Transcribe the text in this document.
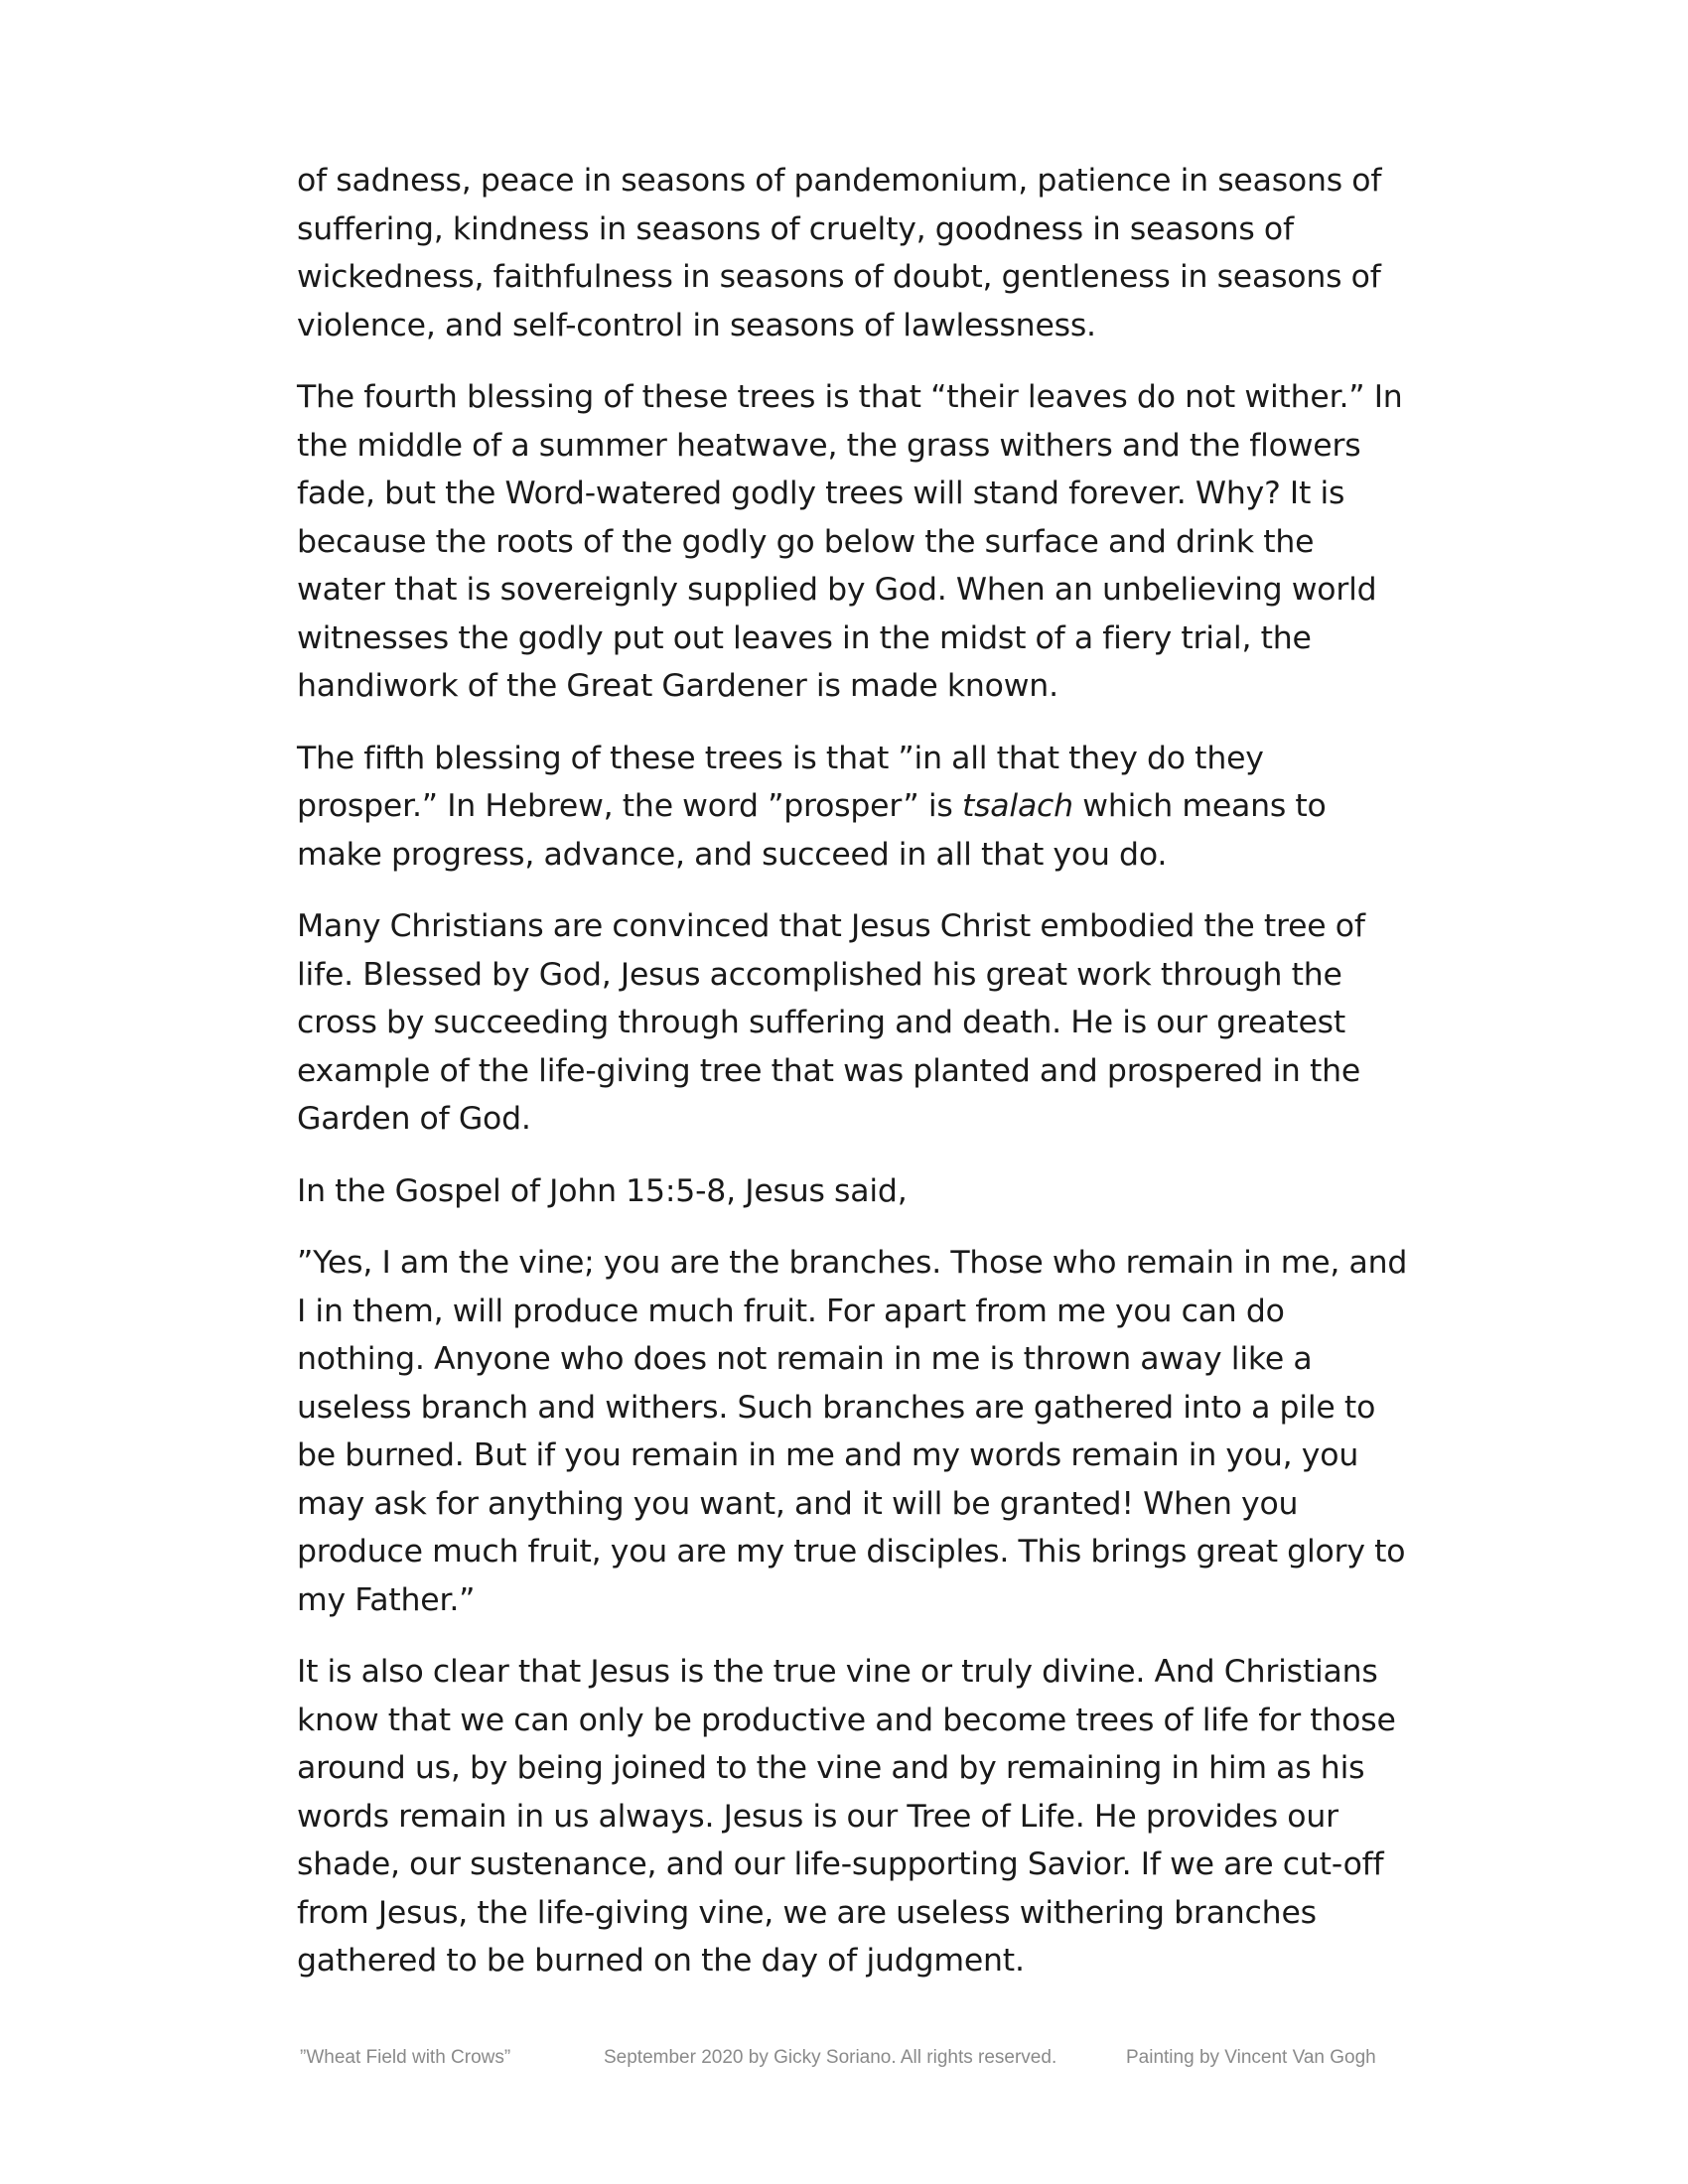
of sadness, peace in seasons of pandemonium, patience in seasons of suffering, kindness in seasons of cruelty, goodness in seasons of wickedness, faithfulness in seasons of doubt, gentleness in seasons of violence, and self-control in seasons of lawlessness.

The fourth blessing of these trees is that “their leaves do not wither.” In the middle of a summer heatwave, the grass withers and the flowers fade, but the Word-watered godly trees will stand forever. Why? It is because the roots of the godly go below the surface and drink the water that is sovereignly supplied by God. When an unbelieving world witnesses the godly put out leaves in the midst of a fiery trial, the handiwork of the Great Gardener is made known.

The fifth blessing of these trees is that ”in all that they do they prosper.” In Hebrew, the word ”prosper” is tsalach which means to make progress, advance, and succeed in all that you do.

Many Christians are convinced that Jesus Christ embodied the tree of life. Blessed by God, Jesus accomplished his great work through the cross by succeeding through suffering and death. He is our greatest example of the life-giving tree that was planted and prospered in the Garden of God.

In the Gospel of John 15:5-8, Jesus said,

”Yes, I am the vine; you are the branches. Those who remain in me, and I in them, will produce much fruit. For apart from me you can do nothing. Anyone who does not remain in me is thrown away like a useless branch and withers. Such branches are gathered into a pile to be burned. But if you remain in me and my words remain in you, you may ask for anything you want, and it will be granted! When you produce much fruit, you are my true disciples. This brings great glory to my Father.”

It is also clear that Jesus is the true vine or truly divine. And Christians know that we can only be productive and become trees of life for those around us, by being joined to the vine and by remaining in him as his words remain in us always. Jesus is our Tree of Life. He provides our shade, our sustenance, and our life-supporting Savior. If we are cut-off from Jesus, the life-giving vine, we are useless withering branches gathered to be burned on the day of judgment.

”Wheat Field with Crows”	September 2020 by Gicky Soriano. All rights reserved.	Painting by Vincent Van Gogh
